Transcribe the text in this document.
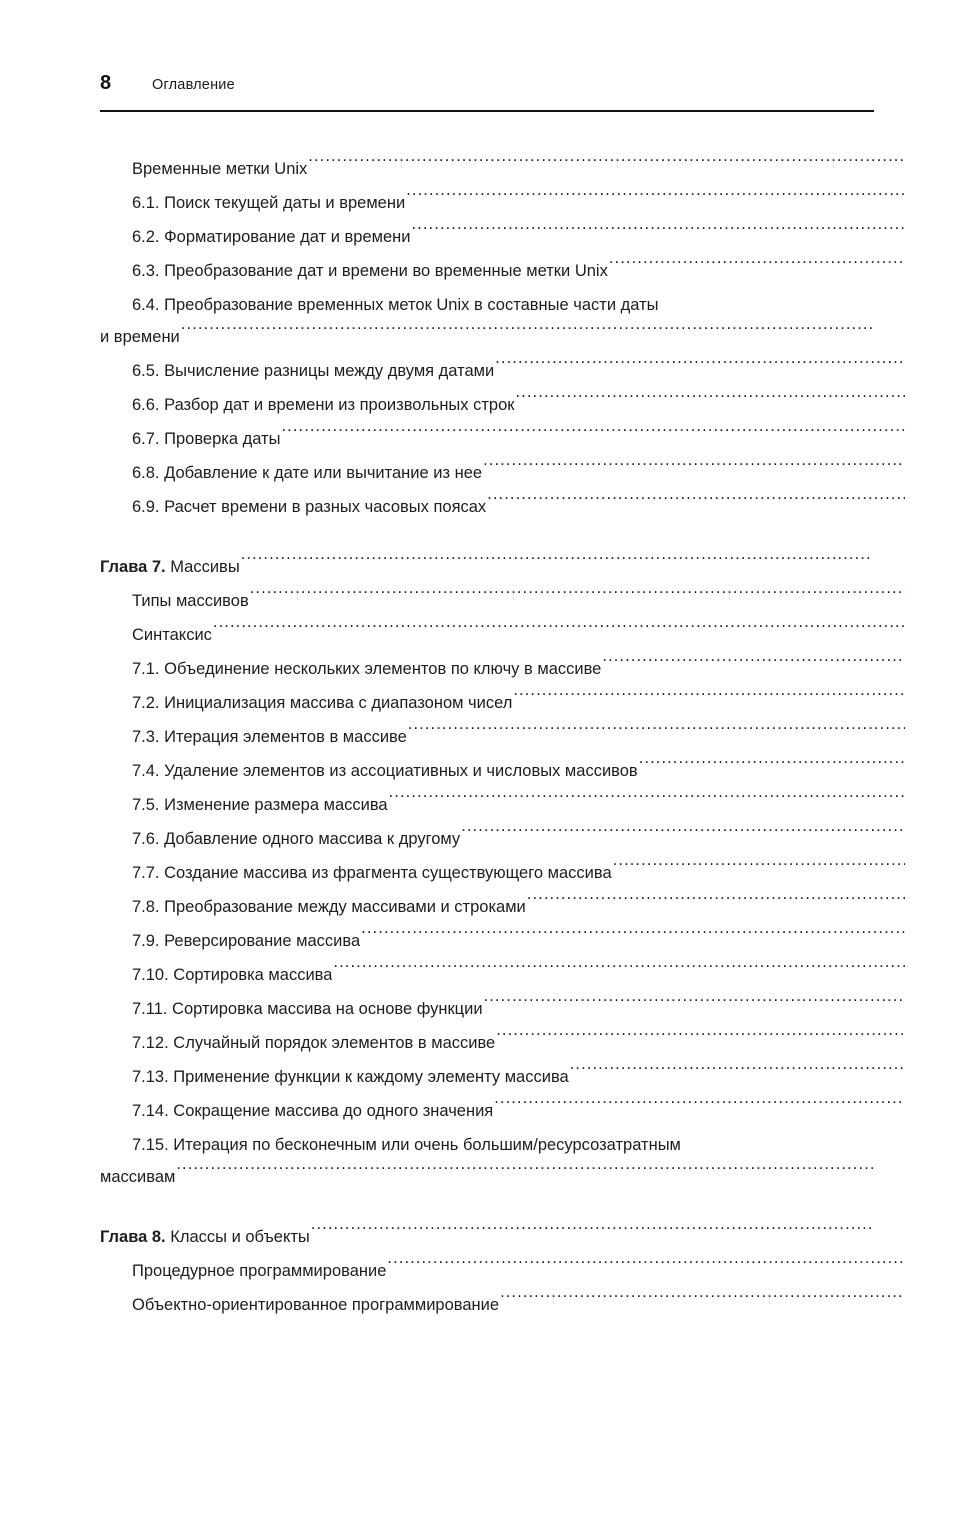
8	Оглавление
Временные метки Unix
.....
6.1. Поиск текущей даты и времени
.....
6.2. Форматирование дат и времени
.....
6.3. Преобразование дат и времени во временные метки Unix
.....
6.4. Преобразование временных меток Unix в составные части даты
и времени
.....
6.5. Вычисление разницы между двумя датами
.....
6.6. Разбор дат и времени из произвольных строк
.....
6.7. Проверка даты
.....
6.8. Добавление к дате или вычитание из нее
.....
6.9. Расчет времени в разных часовых поясах
.....
Глава 7. Массивы
.....
Типы массивов
.....
Синтаксис
.....
7.1. Объединение нескольких элементов по ключу в массиве
.....
7.2. Инициализация массива с диапазоном чисел
.....
7.3. Итерация элементов в массиве
.....
7.4. Удаление элементов из ассоциативных и числовых массивов
.....
7.5. Изменение размера массива
.....
7.6. Добавление одного массива к другому
.....
7.7. Создание массива из фрагмента существующего массива
.....
7.8. Преобразование между массивами и строками
.....
7.9. Реверсирование массива
.....
7.10. Сортировка массива
.....
7.11. Сортировка массива на основе функции
.....
7.12. Случайный порядок элементов в массиве
.....
7.13. Применение функции к каждому элементу массива
.....
7.14. Сокращение массива до одного значения
.....
7.15. Итерация по бесконечным или очень большим/ресурсозатратным
массивам
.....
Глава 8. Классы и объекты
.....
Процедурное программирование
.....
Объектно-ориентированное программирование
.....
